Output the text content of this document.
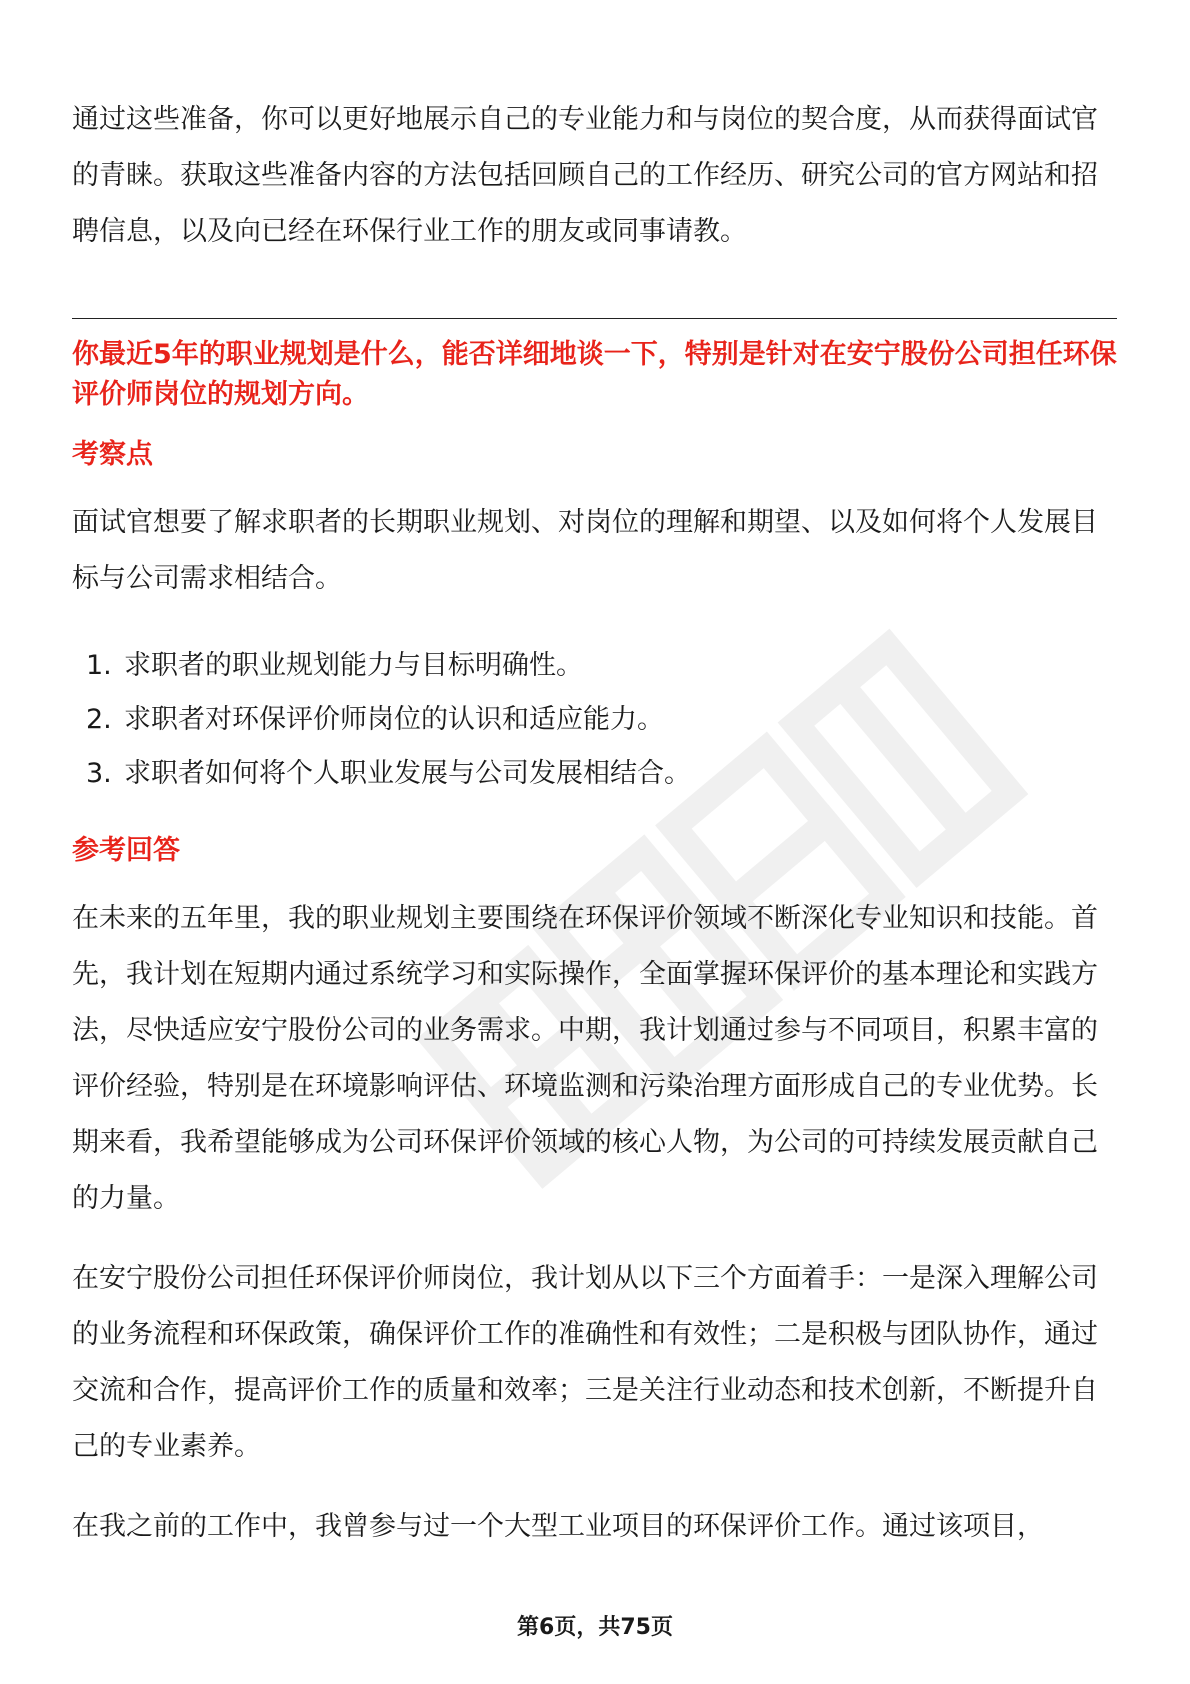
通过这些准备，你可以更好地展示自己的专业能力和与岗位的契合度，从而获得面试官的青睐。获取这些准备内容的方法包括回顾自己的工作经历、研究公司的官方网站和招聘信息，以及向已经在环保行业工作的朋友或同事请教。

你最近5年的职业规划是什么，能否详细地谈一下，特别是针对在安宁股份公司担任环保评价师岗位的规划方向。

考察点

面试官想要了解求职者的长期职业规划、对岗位的理解和期望、以及如何将个人发展目标与公司需求相结合。

1. 求职者的职业规划能力与目标明确性。
2. 求职者对环保评价师岗位的认识和适应能力。
3. 求职者如何将个人职业发展与公司发展相结合。
参考回答

在未来的五年里，我的职业规划主要围绕在环保评价领域不断深化专业知识和技能。首先，我计划在短期内通过系统学习和实际操作，全面掌握环保评价的基本理论和实践方法，尽快适应安宁股份公司的业务需求。中期，我计划通过参与不同项目，积累丰富的评价经验，特别是在环境影响评估、环境监测和污染治理方面形成自己的专业优势。长期来看，我希望能够成为公司环保评价领域的核心人物，为公司的可持续发展贡献自己的力量。

在安宁股份公司担任环保评价师岗位，我计划从以下三个方面着手：一是深入理解公司的业务流程和环保政策，确保评价工作的准确性和有效性；二是积极与团队协作，通过交流和合作，提高评价工作的质量和效率；三是关注行业动态和技术创新，不断提升自己的专业素养。

在我之前的工作中，我曾参与过一个大型工业项目的环保评价工作。通过该项目，

第6页，共75页
